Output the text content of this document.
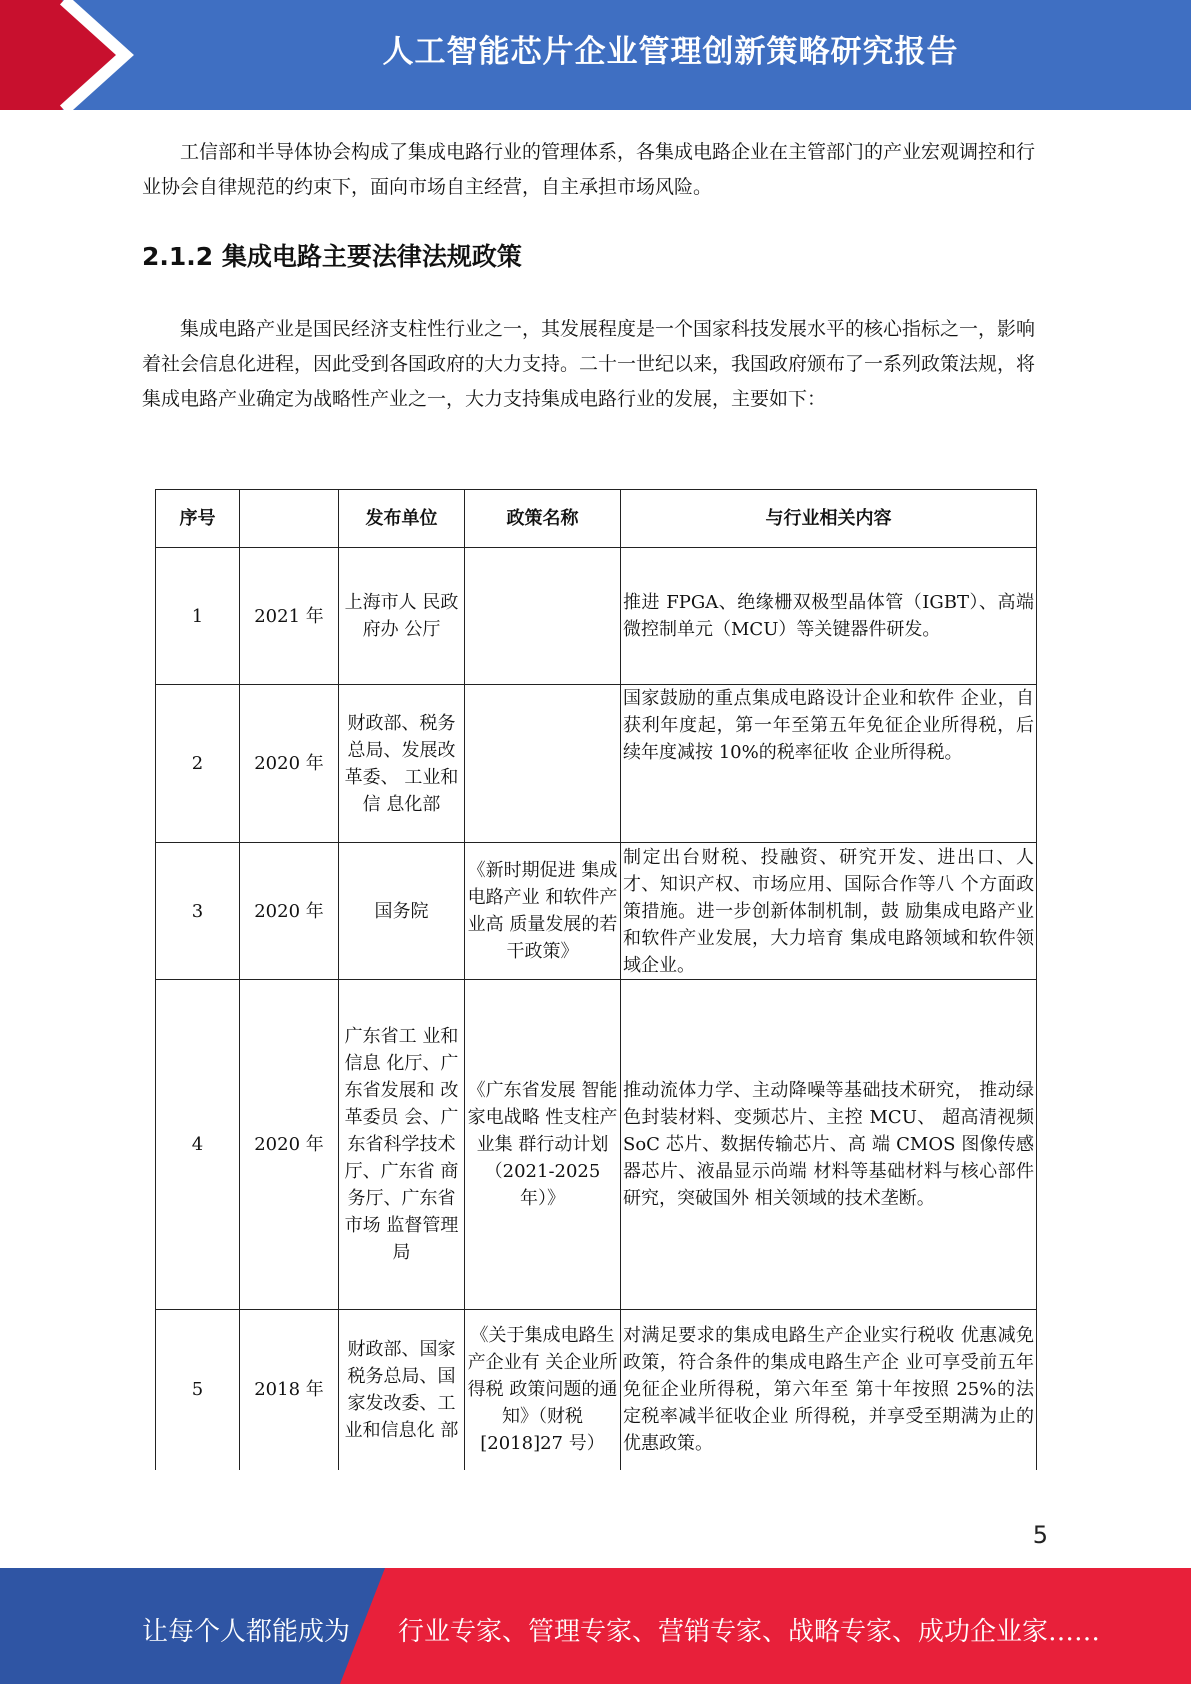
人工智能芯片企业管理创新策略研究报告

工信部和半导体协会构成了集成电路行业的管理体系，各集成电路企业在主管部门的产业宏观调控和行业协会自律规范的约束下，面向市场自主经营，自主承担市场风险。

2.1.2 集成电路主要法律法规政策

集成电路产业是国民经济支柱性行业之一，其发展程度是一个国家科技发展水平的核心指标之一，影响着社会信息化进程，因此受到各国政府的大力支持。二十一世纪以来，我国政府颁布了一系列政策法规，将集成电路产业确定为战略性产业之一，大力支持集成电路行业的发展，主要如下：

序号		发布单位	政策名称	与行业相关内容
1	2021 年	上海市人 民政府办 公厅		推进 FPGA、绝缘栅双极型晶体管（IGBT）、高端微控制单元（MCU）等关键器件研发。
2	2020 年	财政部、税务总局、发展改革委、 工业和信 息化部		国家鼓励的重点集成电路设计企业和软件 企业，自获利年度起，第一年至第五年免征企业所得税，后续年度减按 10%的税率征收 企业所得税。
3	2020 年	国务院	《新时期促进 集成电路产业 和软件产业高 质量发展的若 干政策》	制定出台财税、投融资、研究开发、进出口、人才、知识产权、市场应用、国际合作等八 个方面政策措施。进一步创新体制机制，鼓 励集成电路产业和软件产业发展，大力培育 集成电路领域和软件领域企业。
4	2020 年	广东省工 业和信息 化厅、广东省发展和 改革委员 会、广东省科学技术 厅、广东省 商务厅、广东省市场 监督管理 局	《广东省发展 智能家电战略 性支柱产业集 群行动计划（2021-2025 年）》	推动流体力学、主动降噪等基础技术研究， 推动绿色封装材料、变频芯片、主控 MCU、 超高清视频 SoC 芯片、数据传输芯片、高 端 CMOS 图像传感器芯片、液晶显示尚端 材料等基础材料与核心部件研究，突破国外 相关领域的技术垄断。
5	2018 年	财政部、国家税务总局、国家发改委、工业和信息化 部	《关于集成电路生产企业有 关企业所得税 政策问题的通知》（财税[2018]27 号）	对满足要求的集成电路生产企业实行税收 优惠减免政策，符合条件的集成电路生产企 业可享受前五年免征企业所得税，第六年至 第十年按照 25%的法定税率减半征收企业 所得税，并享受至期满为止的优惠政策。
5
让每个人都能成为 行业专家、管理专家、营销专家、战略专家、成功企业家……
